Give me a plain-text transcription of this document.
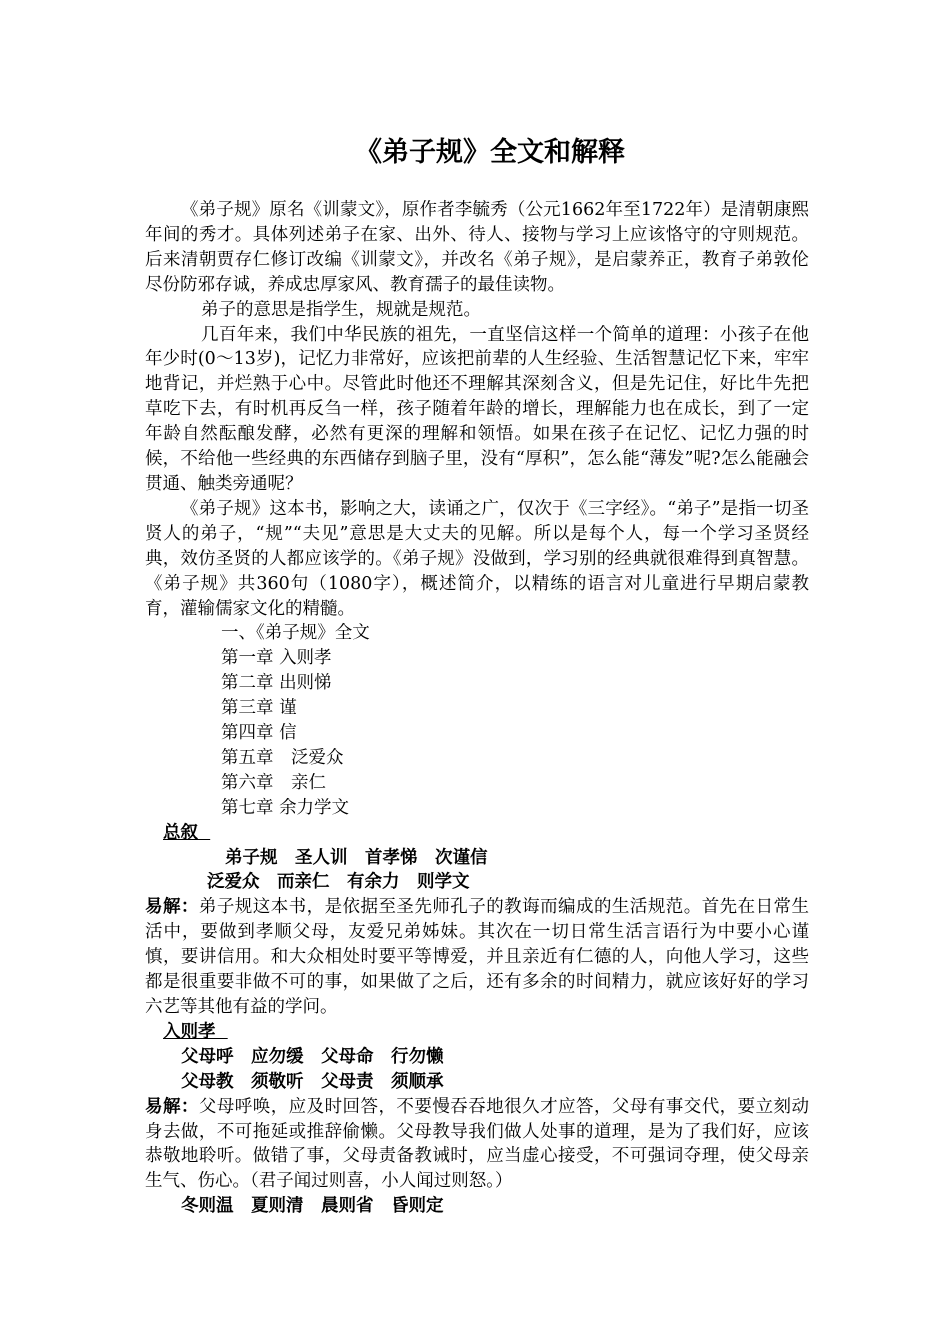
《弟子规》全文和解释

《弟子规》原名《训蒙文》，原作者李毓秀（公元1662年至1722年）是清朝康熙年间的秀才。具体列述弟子在家、出外、待人、接物与学习上应该恪守的守则规范。后来清朝贾存仁修订改编《训蒙文》，并改名《弟子规》，是启蒙养正，教育子弟敦伦尽份防邪存诚，养成忠厚家风、教育孺子的最佳读物。

弟子的意思是指学生，规就是规范。

几百年来，我们中华民族的祖先，一直坚信这样一个简单的道理：小孩子在他年少时(0～13岁)，记忆力非常好，应该把前辈的人生经验、生活智慧记忆下来，牢牢地背记，并烂熟于心中。尽管此时他还不理解其深刻含义，但是先记住，好比牛先把草吃下去，有时机再反刍一样，孩子随着年龄的增长，理解能力也在成长，到了一定年龄自然酝酿发酵，必然有更深的理解和领悟。如果在孩子在记忆、记忆力强的时候，不给他一些经典的东西储存到脑子里，没有“厚积”，怎么能“薄发”呢?怎么能融会贯通、触类旁通呢？

《弟子规》这本书，影响之大，读诵之广，仅次于《三字经》。“弟子”是指一切圣贤人的弟子，“规”“夫见”意思是大丈夫的见解。所以是每个人，每一个学习圣贤经典，效仿圣贤的人都应该学的。《弟子规》没做到，学习别的经典就很难得到真智慧。《弟子规》共360句（1080字），概述简介，以精练的语言对儿童进行早期启蒙教育，灌输儒家文化的精髓。

一、《弟子规》全文

第一章 入则孝

第二章 出则悌

第三章 谨

第四章 信

第五章　泛爱众

第六章　亲仁

第七章 余力学文

总叙

弟子规　圣人训　首孝悌　次谨信

泛爱众　而亲仁　有余力　则学文

易解：弟子规这本书，是依据至圣先师孔子的教诲而编成的生活规范。首先在日常生活中，要做到孝顺父母，友爱兄弟姊妹。其次在一切日常生活言语行为中要小心谨慎，要讲信用。和大众相处时要平等博爱，并且亲近有仁德的人，向他人学习，这些都是很重要非做不可的事，如果做了之后，还有多余的时间精力，就应该好好的学习六艺等其他有益的学问。

入则孝

父母呼　应勿缓　父母命　行勿懒

父母教　须敬听　父母责　须顺承

易解：父母呼唤，应及时回答，不要慢吞吞地很久才应答，父母有事交代，要立刻动身去做，不可拖延或推辞偷懒。父母教导我们做人处事的道理，是为了我们好，应该恭敬地聆听。做错了事，父母责备教诫时，应当虚心接受，不可强词夺理，使父母亲生气、伤心。（君子闻过则喜，小人闻过则怒。）

冬则温　夏则清　晨则省　昏则定
